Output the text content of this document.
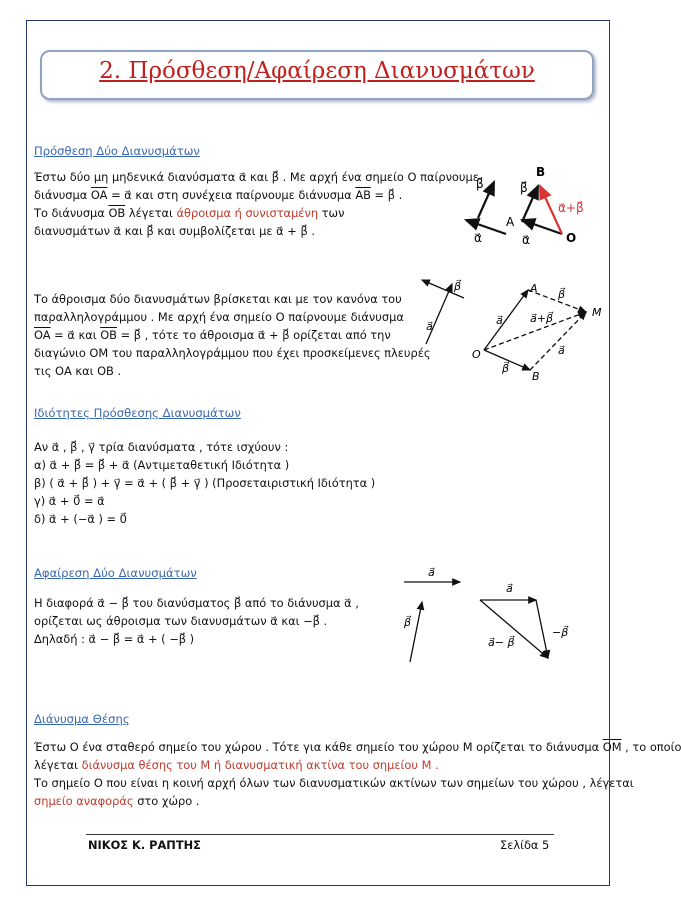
2. Πρόσθεση/Αφαίρεση Διανυσμάτων
Πρόσθεση Δύο Διανυσμάτων
Έστω δύο μη μηδενικά διανύσματα α⃗ και β⃗ . Με αρχή ένα σημείο Ο παίρνουμε
διάνυσμα $\overline{OA}$ = α⃗ και στη συνέχεια παίρνουμε διάνυσμα $\overline{AB}$ = β⃗ .
Το διάνυσμα $\overline{OB}$ λέγεται άθροισμα ή συνισταμένη των
διανυσμάτων α⃗ και β⃗ και συμβολίζεται με α⃗ + β⃗ .
β⃗	β⃗
α⃗	α⃗
B
A
O
α⃗+β⃗
Το άθροισμα δύο διανυσμάτων βρίσκεται και με τον κανόνα του
παραλληλογράμμου . Με αρχή ένα σημείο Ο παίρνουμε διάνυσμα
$\overline{OA}$ = α⃗ και $\overline{OB}$ = β⃗ , τότε το άθροισμα α⃗ + β⃗ ορίζεται από την
διαγώνιο ΟΜ του παραλληλογράμμου που έχει προσκείμενες πλευρές
τις ΟΑ και ΟΒ .
β⃗
a⃗
A β⃗
M
a⃗ a⃗+β⃗
a⃗
O
β⃗
B
Ιδιότητες Πρόσθεσης Διανυσμάτων
Αν α⃗ , β⃗ , γ⃗ τρία διανύσματα , τότε ισχύουν :
α) α⃗ + β⃗ = β⃗ + α⃗ (Αντιμεταθετική Ιδιότητα )
β) ( α⃗ + β⃗ ) + γ⃗ = α⃗ + ( β⃗ + γ⃗ ) (Προσεταιριστική Ιδιότητα )
γ) α⃗ + 0⃗ = α⃗
δ) α⃗ + (−α⃗ ) = 0⃗
Αφαίρεση Δύο Διανυσμάτων
Η διαφορά α⃗ − β⃗ του διανύσματος β⃗ από το διάνυσμα α⃗ ,
ορίζεται ως άθροισμα των διανυσμάτων α⃗ και −β⃗ .
Δηλαδή : α⃗ − β⃗ = α⃗ + ( −β⃗ )
a⃗
β⃗
a⃗
a⃗− β⃗
−β⃗
Διάνυσμα Θέσης
Έστω Ο ένα σταθερό σημείο του χώρου . Τότε για κάθε σημείο του χώρου Μ ορίζεται το διάνυσμα $\overline{OM}$ , το οποίο
λέγεται διάνυσμα θέσης του Μ ή διανυσματική ακτίνα του σημείου Μ .
Το σημείο Ο που είναι η κοινή αρχή όλων των διανυσματικών ακτίνων των σημείων του χώρου , λέγεται
σημείο αναφοράς στο χώρο .
ΝΙΚΟΣ Κ. ΡΑΠΤΗΣ	Σελίδα 5
